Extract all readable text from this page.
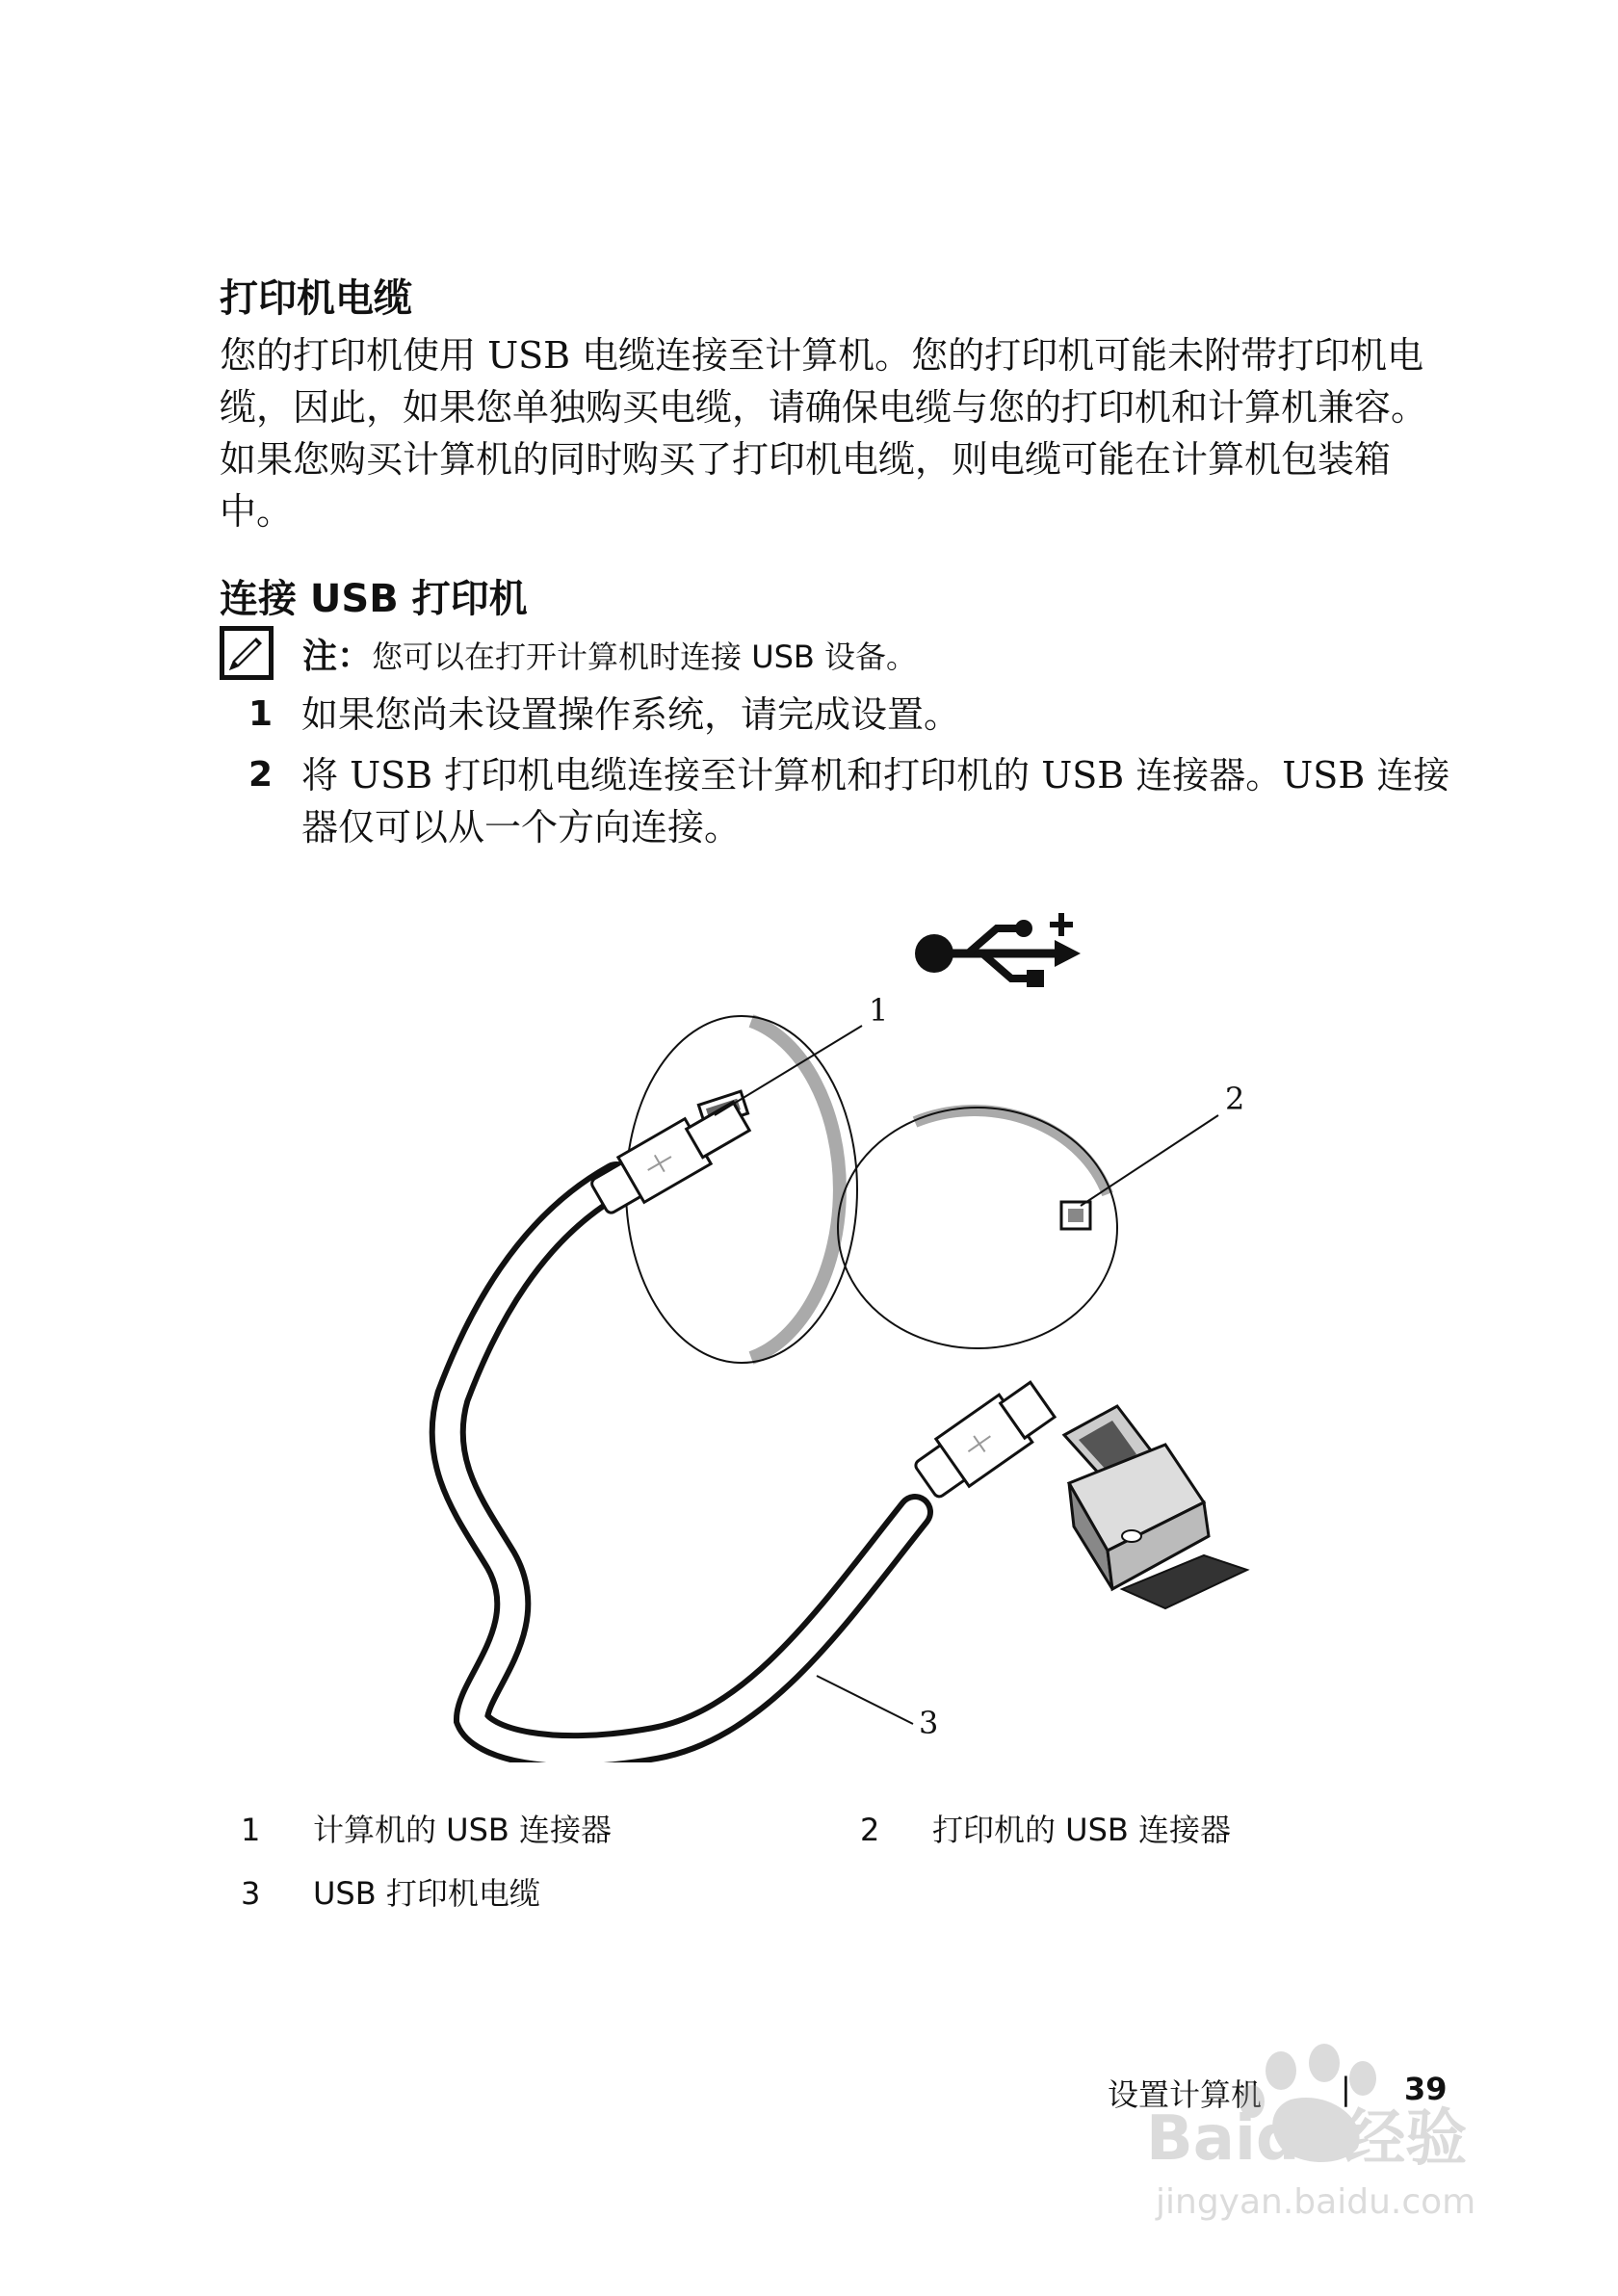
打印机电缆

您的打印机使用 USB 电缆连接至计算机。您的打印机可能未附带打印机电缆，因此，如果您单独购买电缆，请确保电缆与您的打印机和计算机兼容。如果您购买计算机的同时购买了打印机电缆，则电缆可能在计算机包装箱中。

连接 USB 打印机
注：您可以在打开计算机时连接 USB 设备。
1 如果您尚未设置操作系统，请完成设置。
2 将 USB 打印机电缆连接至计算机和打印机的 USB 连接器。USB 连接器仅可以从一个方向连接。
1
2
3
1 计算机的 USB 连接器	2 打印机的 USB 连接器
3 USB 打印机电缆
设置计算机	| 39
Baidu经验
jingyan.baidu.com
